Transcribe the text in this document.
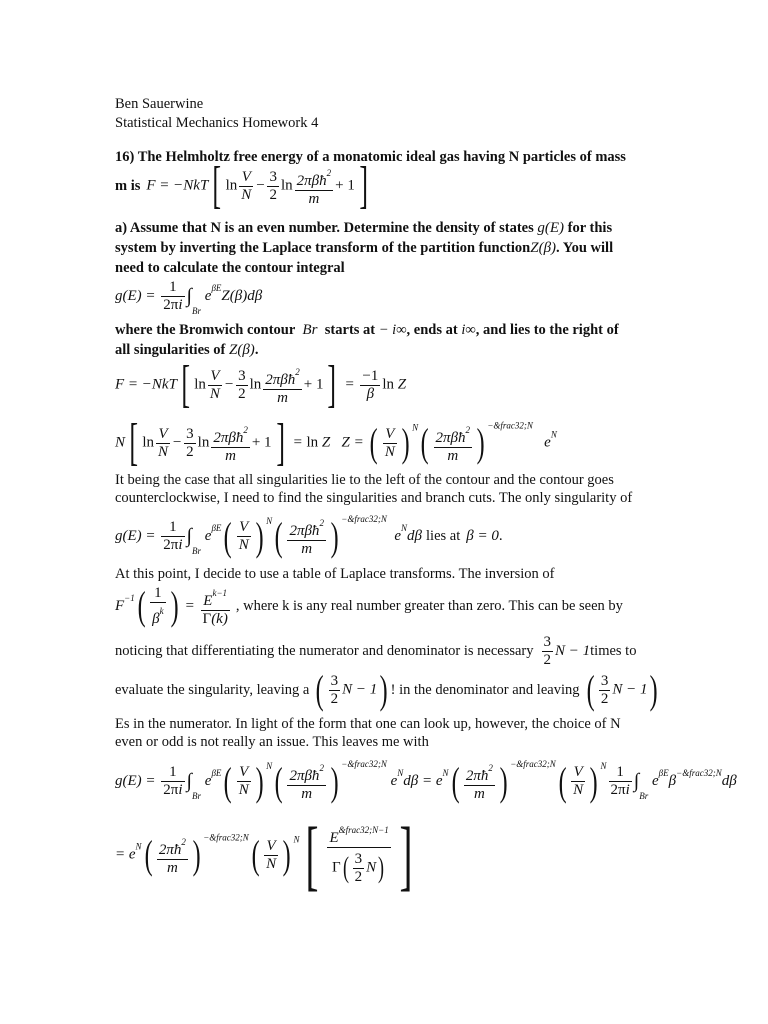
Ben Sauerwine
Statistical Mechanics Homework 4
16) The Helmholtz free energy of a monatomic ideal gas having N particles of mass
m is F = −NkT[ $\ln \frac{V}{N} - \frac{3}{2}$ $\ln \frac{2\pi\beta ħ^2}{m} + 1$]
a) Assume that N is an even number. Determine the density of states g(E) for this
system by inverting the Laplace transform of the partition functionZ(β). You will
need to calculate the contour integral
$g(E) = \frac{1}{2\pi i} \int_{Br}$ $e^{\beta E}Z(\beta)d\beta$
where the Bromwich contour  Br  starts at − i∞, ends at i∞, and lies to the right of
all singularities of Z(β).
F = −NkT[ $\ln \frac{V}{N} - \frac{3}{2}$ $\ln \frac{2\pi\beta ħ^2}{m} + 1] = \frac{-1}{\beta}$ ln Z
N[ $\ln \frac{V}{N} - \frac{3}{2}$ $\ln \frac{2\pi\beta ħ^2}{m} + 1] = \ln Z$   Z = ( $\frac{V}{N}$ ) $^N( \frac{2\pi\beta ħ^2}{m}$ ) $^{-\&frac32;N}$   $e^N$
It being the case that all singularities lie to the left of the contour and the contour goes
counterclockwise, I need to find the singularities and branch cuts. The only singularity of
$g(E) = \frac{1}{2\pi i} \int_{Br}$ $e^{\beta E}( \frac{V}{N}$ ) $^N( \frac{2\pi\beta ħ^2}{m}$ ) $^{-\&frac32;N}$  $e^Nd\beta$ lies at β = 0 .
At this point, I decide to use a table of Laplace transforms. The inversion of
$F^{-1}( \frac{1}{\beta^k}$ ) = $\frac{E^{k-1}}{\Gamma(k)}$ , where k is any real number greater than zero. This can be seen by
noticing that differentiating the numerator and denominator is necessary $\frac{3}{2}$ N − 1 times to
evaluate the singularity, leaving a ( $\frac{3}{2}$ N − 1) ! in the denominator and leaving ( $\frac{3}{2}$ N − 1)
Es in the numerator. In light of the form that one can look up, however, the choice of N
even or odd is not really an issue. This leaves me with
$g(E) = \frac{1}{2\pi i} \int_{Br}$ $e^{\beta E}( \frac{V}{N}$ ) $^N( \frac{2\pi\beta ħ^2}{m}$ ) $^{-\&frac32;N}$ $e^Nd\beta = e^N( \frac{2\pi ħ^2}{m}$ ) $^{-\&frac32;N}( \frac{V}{N}$ ) $^N \frac{1}{2\pi i} \int_{Br}$ $e^{\beta E}\beta^{-\&frac32;N}d\beta$
= $e^N( \frac{2\pi ħ^2}{m}$ ) $^{-\&frac32;N}( \frac{V}{N}$ ) $^N[ \frac{E^{\&frac32;N-1}}{\Gamma( \frac{3}{2} N)}$ ]
